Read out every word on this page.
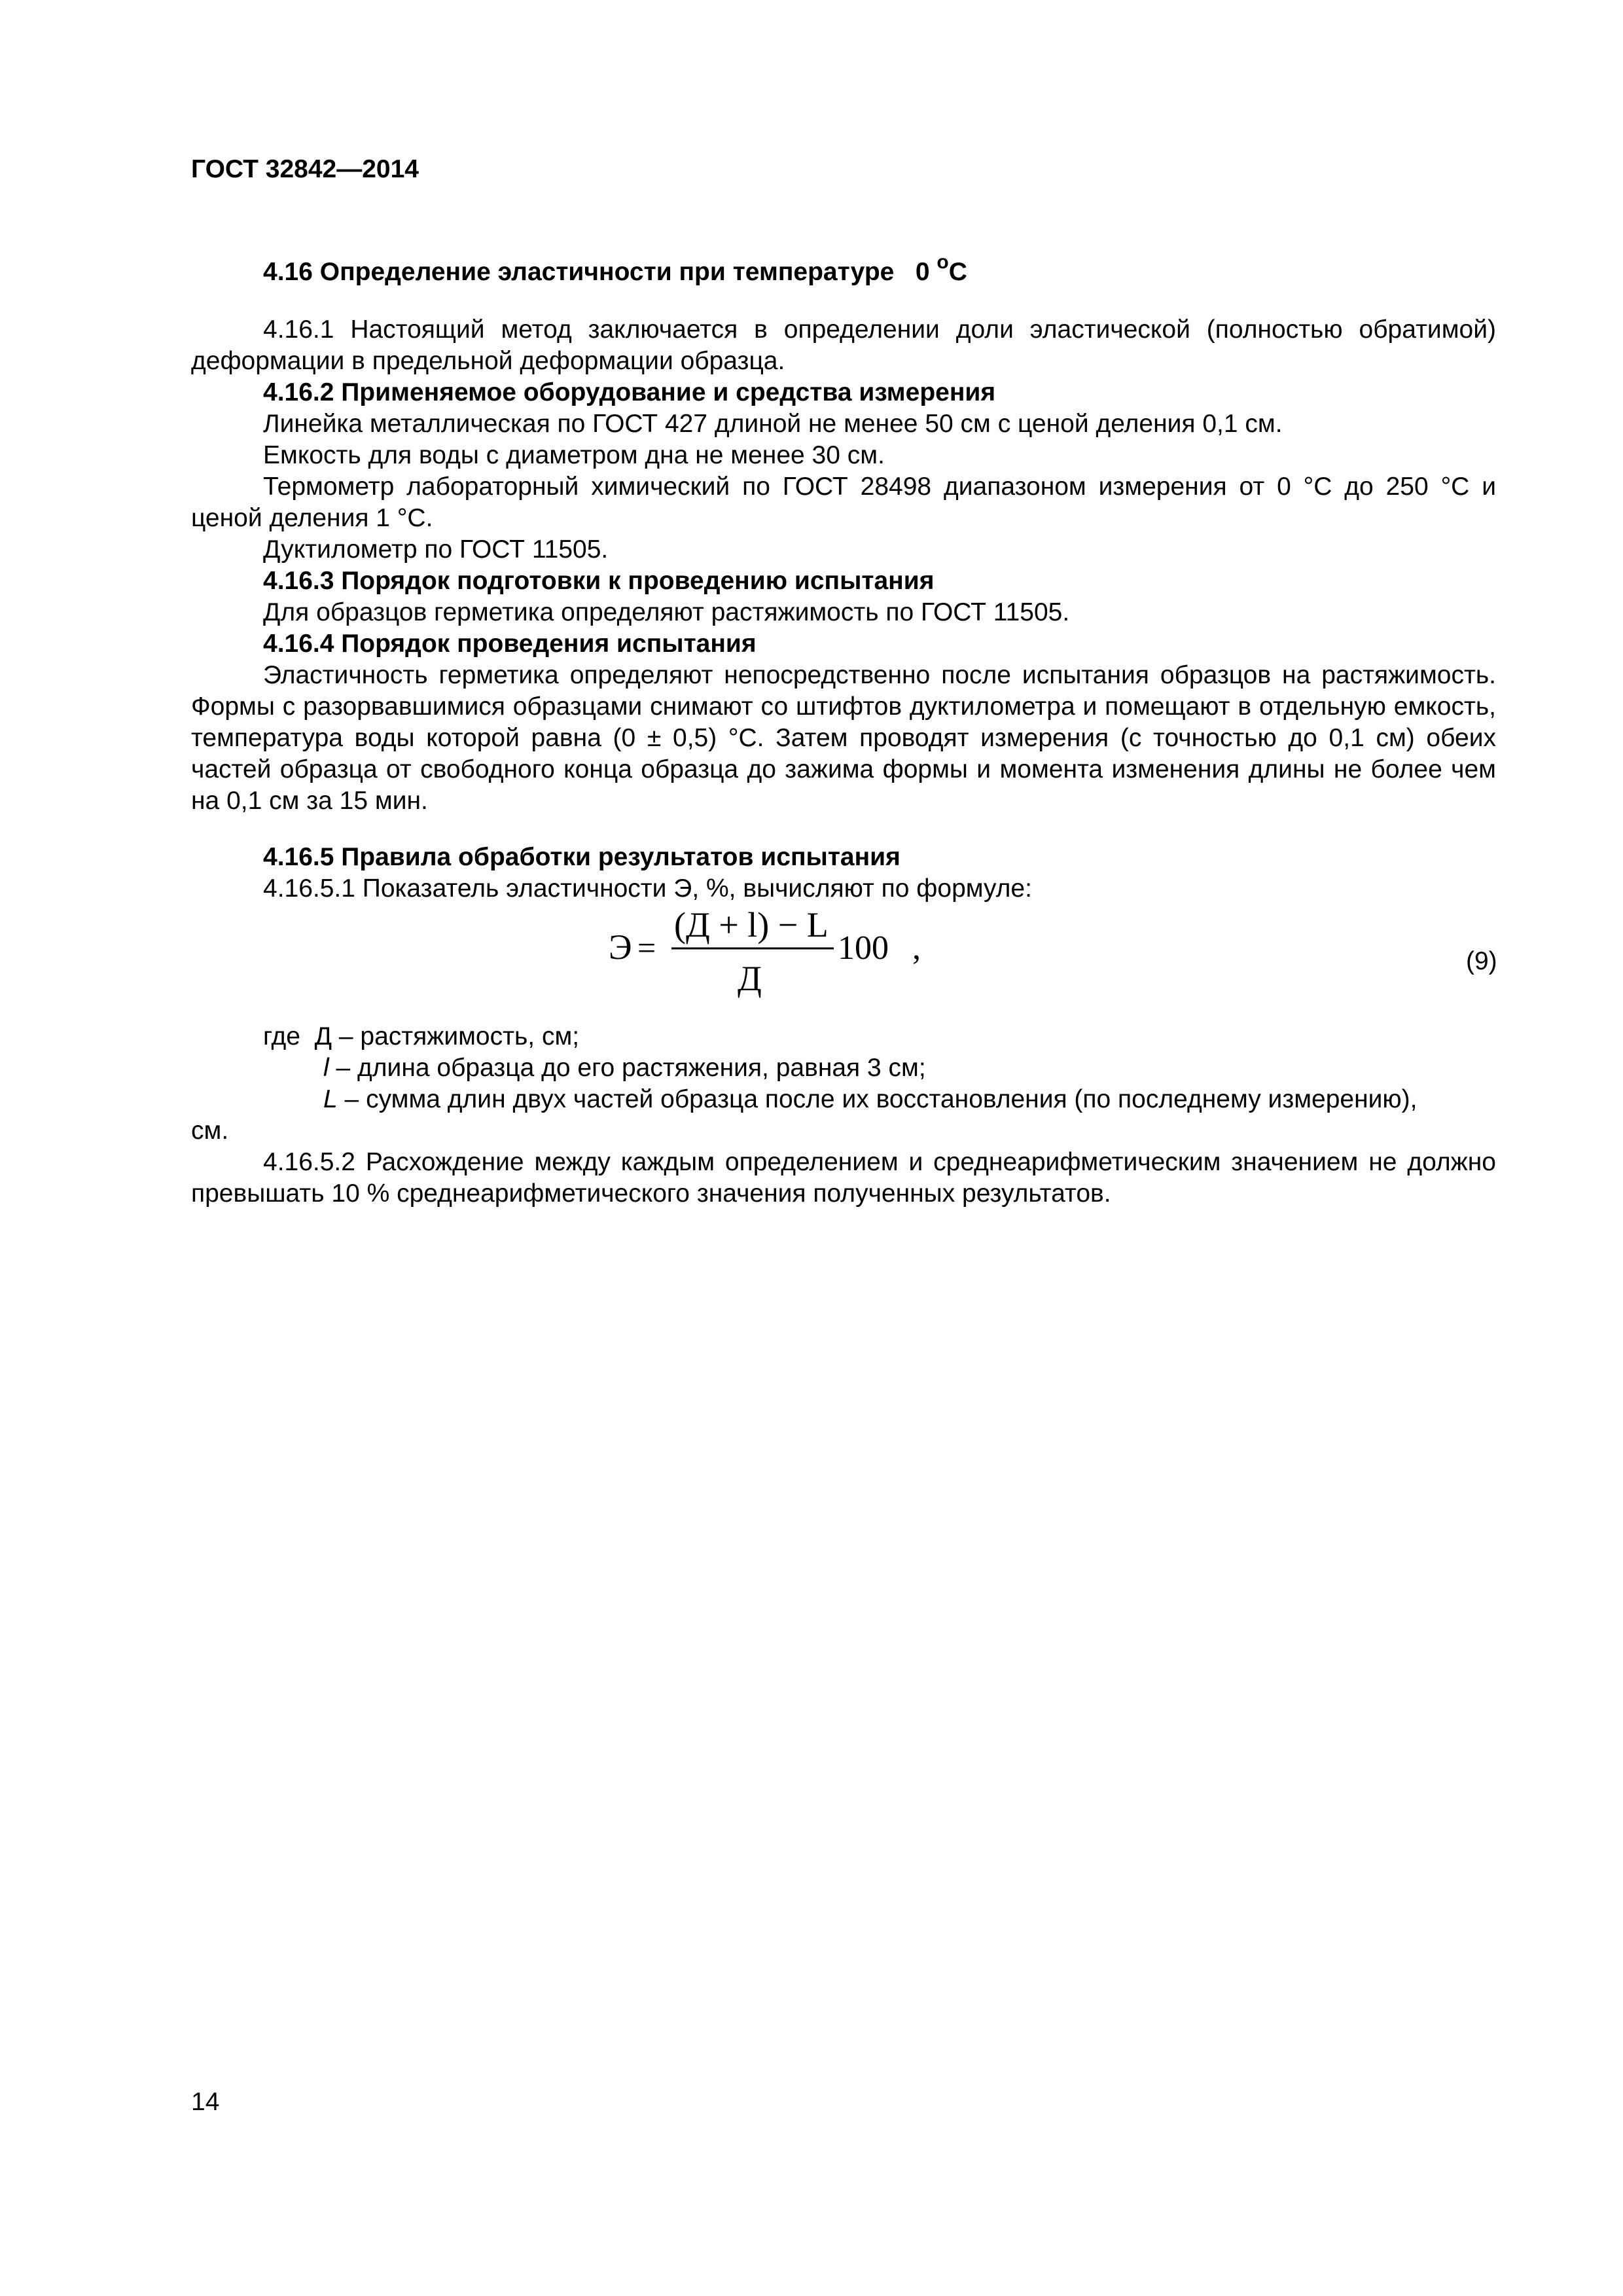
ГОСТ 32842—2014
4.16 Определение эластичности при температуре 0 $^o$C

4.16.1 Настоящий метод заключается в определении доли эластической (полностью обратимой) деформации в предельной деформации образца.

4.16.2 Применяемое оборудование и средства измерения

Линейка металлическая по ГОСТ 427 длиной не менее 50 см с ценой деления 0,1 см.

Емкость для воды с диаметром дна не менее 30 см.

Термометр лабораторный химический по ГОСТ 28498 диапазоном измерения от 0 °С до 250 °С и ценой деления 1 °С.

Дуктилометр по ГОСТ 11505.

4.16.3 Порядок подготовки к проведению испытания

Для образцов герметика определяют растяжимость по ГОСТ 11505.

4.16.4 Порядок проведения испытания

Эластичность герметика определяют непосредственно после испытания образцов на растяжимость. Формы с разорвавшимися образцами снимают со штифтов дуктилометра и помещают в отдельную емкость, температура воды которой равна (0 ± 0,5) °С. Затем проводят измерения (с точностью до 0,1 см) обеих частей образца от свободного конца образца до зажима формы и момента изменения длины не более чем на 0,1 см за 15 мин.

4.16.5 Правила обработки результатов испытания

4.16.5.1 Показатель эластичности Э, %, вычисляют по формуле:

Э =
(Д + l) − L
Д
100 ,	(9)

где Д – растяжимость, см;

l – длина образца до его растяжения, равная 3 см;

L – сумма длин двух частей образца после их восстановления (по последнему измерению),

см.

4.16.5.2 Расхождение между каждым определением и среднеарифметическим значением не должно превышать 10 % среднеарифметического значения полученных результатов.

14
